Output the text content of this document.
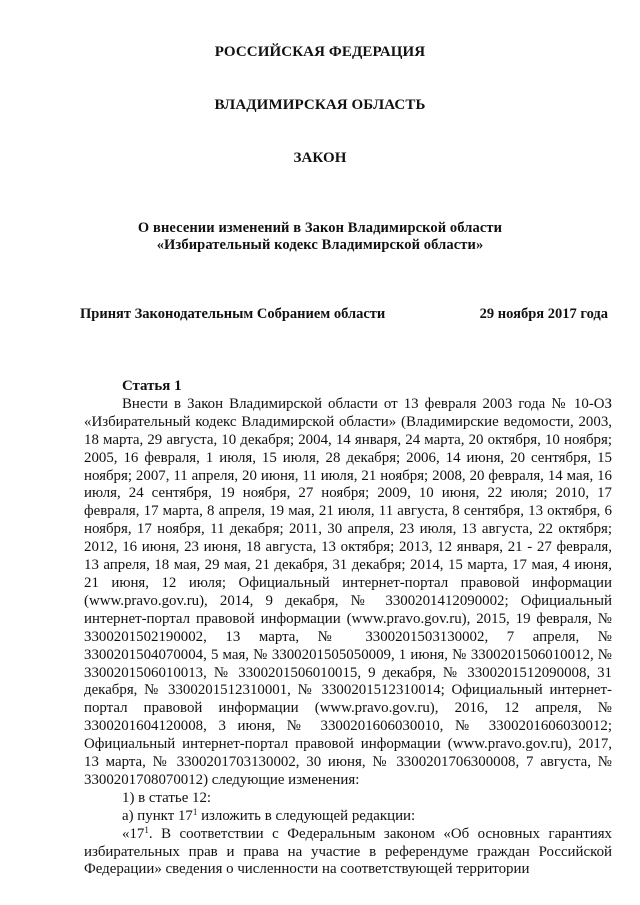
РОССИЙСКАЯ ФЕДЕРАЦИЯ
ВЛАДИМИРСКАЯ ОБЛАСТЬ
ЗАКОН
О внесении изменений в Закон Владимирской области
«Избирательный кодекс Владимирской области»
Принят Законодательным Собранием области	29 ноября 2017 года
Статья 1

Внести в Закон Владимирской области от 13 февраля 2003 года № 10-ОЗ «Избирательный кодекс Владимирской области» (Владимирские ведомости, 2003, 18 марта, 29 августа, 10 декабря; 2004, 14 января, 24 марта, 20 октября, 10 ноября; 2005, 16 февраля, 1 июля, 15 июля, 28 декабря; 2006, 14 июня, 20 сентября, 15 ноября; 2007, 11 апреля, 20 июня, 11 июля, 21 ноября; 2008, 20 февраля, 14 мая, 16 июля, 24 сентября, 19 ноября, 27 ноября; 2009, 10 июня, 22 июля; 2010, 17 февраля, 17 марта, 8 апреля, 19 мая, 21 июля, 11 августа, 8 сентября, 13 октября, 6 ноября, 17 ноября, 11 декабря; 2011, 30 апреля, 23 июля, 13 августа, 22 октября; 2012, 16 июня, 23 июня, 18 августа, 13 октября; 2013, 12 января, 21 - 27 февраля, 13 апреля, 18 мая, 29 мая, 21 декабря, 31 декабря; 2014, 15 марта, 17 мая, 4 июня, 21 июня, 12 июля; Официальный интернет-портал правовой информации (www.pravo.gov.ru), 2014, 9 декабря, № 3300201412090002; Официальный интернет-портал правовой информации (www.pravo.gov.ru), 2015, 19 февраля, № 3300201502190002, 13 марта, № 3300201503130002, 7 апреля, № 3300201504070004, 5 мая, № 3300201505050009, 1 июня, № 3300201506010012, № 3300201506010013, № 3300201506010015, 9 декабря, № 3300201512090008, 31 декабря, № 3300201512310001, № 3300201512310014; Официальный интернет-портал правовой информации (www.pravo.gov.ru), 2016, 12 апреля, № 3300201604120008, 3 июня, № 3300201606030010, № 3300201606030012; Официальный интернет-портал правовой информации (www.pravo.gov.ru), 2017, 13 марта, № 3300201703130002, 30 июня, № 3300201706300008, 7 августа, № 3300201708070012) следующие изменения:

1) в статье 12:

а) пункт $17^1$ изложить в следующей редакции:

«$17^1$. В соответствии с Федеральным законом «Об основных гарантиях избирательных прав и права на участие в референдуме граждан Российской Федерации» сведения о численности на соответствующей территории
